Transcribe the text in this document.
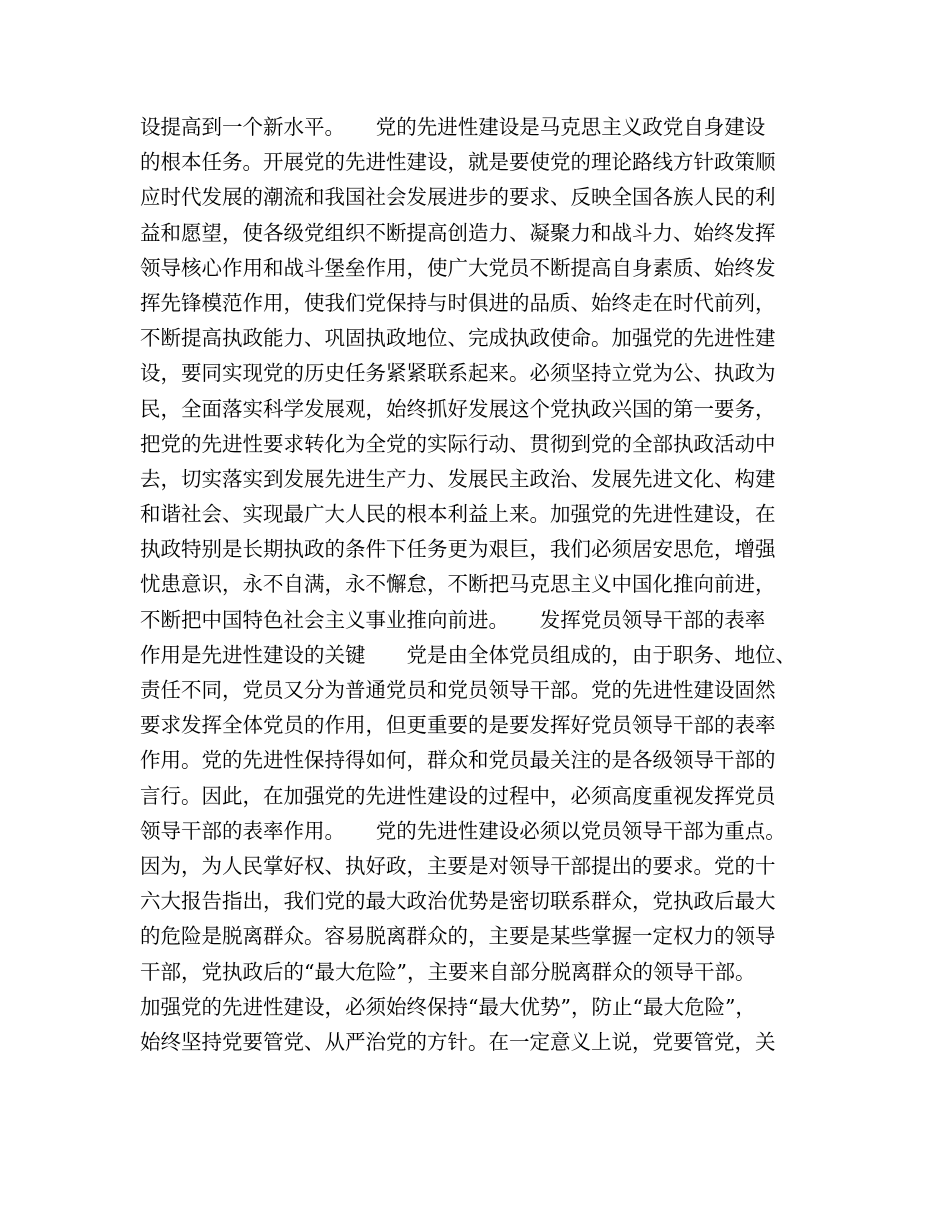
设提高到一个新水平。　　党的先进性建设是马克思主义政党自身建设
的根本任务。开展党的先进性建设，就是要使党的理论路线方针政策顺
应时代发展的潮流和我国社会发展进步的要求、反映全国各族人民的利
益和愿望，使各级党组织不断提高创造力、凝聚力和战斗力、始终发挥
领导核心作用和战斗堡垒作用，使广大党员不断提高自身素质、始终发
挥先锋模范作用，使我们党保持与时俱进的品质、始终走在时代前列，
不断提高执政能力、巩固执政地位、完成执政使命。加强党的先进性建
设，要同实现党的历史任务紧紧联系起来。必须坚持立党为公、执政为
民，全面落实科学发展观，始终抓好发展这个党执政兴国的第一要务，
把党的先进性要求转化为全党的实际行动、贯彻到党的全部执政活动中
去，切实落实到发展先进生产力、发展民主政治、发展先进文化、构建
和谐社会、实现最广大人民的根本利益上来。加强党的先进性建设，在
执政特别是长期执政的条件下任务更为艰巨，我们必须居安思危，增强
忧患意识，永不自满，永不懈怠，不断把马克思主义中国化推向前进，
不断把中国特色社会主义事业推向前进。　　发挥党员领导干部的表率
作用是先进性建设的关键　　党是由全体党员组成的，由于职务、地位、
责任不同，党员又分为普通党员和党员领导干部。党的先进性建设固然
要求发挥全体党员的作用，但更重要的是要发挥好党员领导干部的表率
作用。党的先进性保持得如何，群众和党员最关注的是各级领导干部的
言行。因此，在加强党的先进性建设的过程中，必须高度重视发挥党员
领导干部的表率作用。　　党的先进性建设必须以党员领导干部为重点。
因为，为人民掌好权、执好政，主要是对领导干部提出的要求。党的十
六大报告指出，我们党的最大政治优势是密切联系群众，党执政后最大
的危险是脱离群众。容易脱离群众的，主要是某些掌握一定权力的领导
干部，党执政后的“最大危险”，主要来自部分脱离群众的领导干部。
加强党的先进性建设，必须始终保持“最大优势”，防止“最大危险”，
始终坚持党要管党、从严治党的方针。在一定意义上说，党要管党，关
